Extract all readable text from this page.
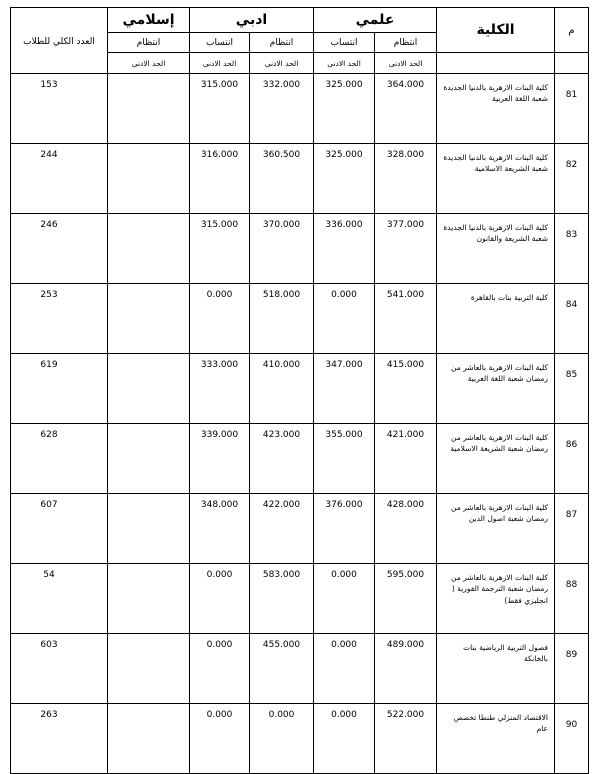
العدد الكلي للطلاب	إسلامي	ادبي		علمي		الكلية	م
	انتظام	انتساب	انتظام	انتساب	انتظام		
	الحد الادنى	الحد الادنى	الحد الادنى	الحد الادنى	الحد الادنى		
153		315.000	332.000	325.000	364.000	كلية البنات الازهرية بالدنيا الجديدة شعبة اللغة العربية	81
244		316.000	360.500	325.000	328.000	كلية البنات الازهرية بالدنيا الجديدة شعبة الشريعة الاسلامية	82
246		315.000	370.000	336.000	377.000	كلية البنات الازهرية بالدنيا الجديدة شعبة الشريعة والقانون	83
253		0.000	518.000	0.000	541.000	كلية التربية بنات بالقاهرة	84
619		333.000	410.000	347.000	415.000	كلية البنات الازهرية بالعاشر من رمضان شعبة اللغة العربية	85
628		339.000	423.000	355.000	421.000	كلية البنات الازهرية بالعاشر من رمضان شعبة الشريعة الاسلامية	86
607		348.000	422.000	376.000	428.000	كلية البنات الازهرية بالعاشر من رمضان شعبة اصول الدين	87
54		0.000	583.000	0.000	595.000	كلية البنات الازهرية بالعاشر من رمضان شعبة الترجمة الفورية ( انجليزي فقط)	88
603		0.000	455.000	0.000	489.000	فصول التربية الرياضية بنات بالخانكة	89
263		0.000	0.000	0.000	522.000	الاقتصاد المنزلي طنطا تخصص عام	90
